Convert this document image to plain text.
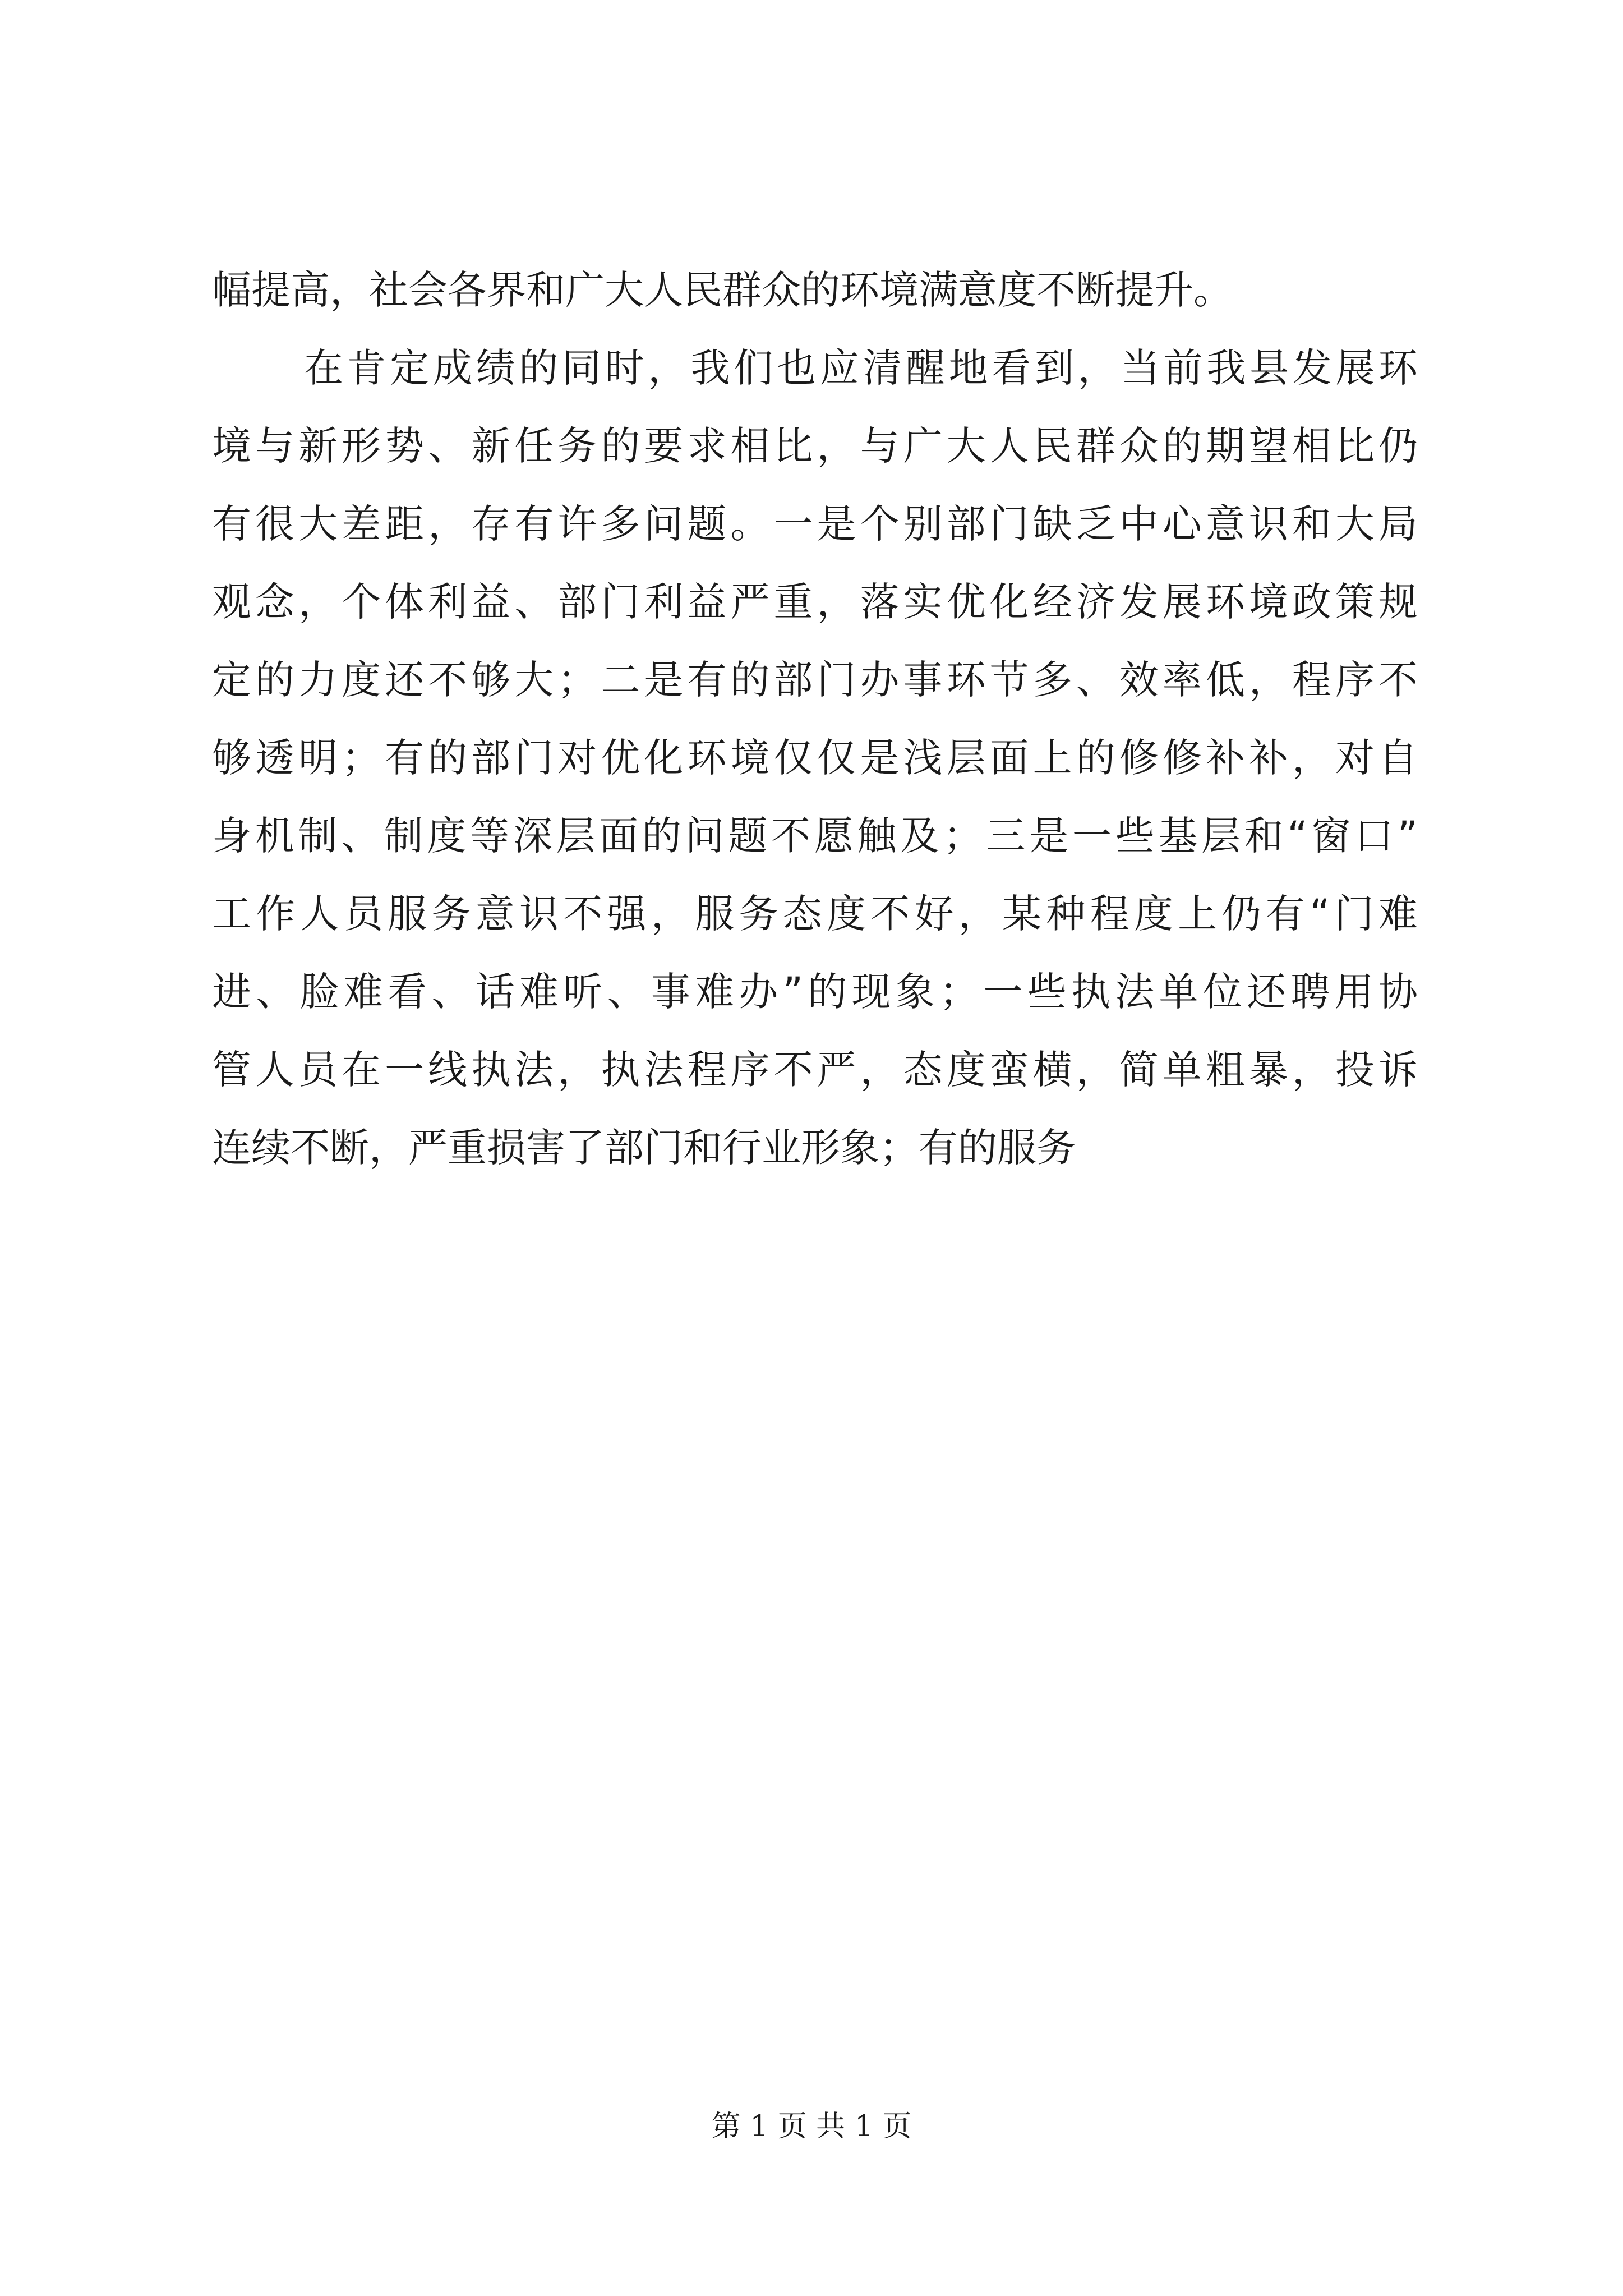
幅提高，社会各界和广大人民群众的环境满意度不断提升。
在肯定成绩的同时，我们也应清醒地看到，当前我县发展环
境与新形势、新任务的要求相比，与广大人民群众的期望相比仍
有很大差距，存有许多问题。一是个别部门缺乏中心意识和大局
观念，个体利益、部门利益严重，落实优化经济发展环境政策规
定的力度还不够大；二是有的部门办事环节多、效率低，程序不
够透明；有的部门对优化环境仅仅是浅层面上的修修补补，对自
身机制、制度等深层面的问题不愿触及；三是一些基层和“窗口”
工作人员服务意识不强，服务态度不好，某种程度上仍有“门难
进、脸难看、话难听、事难办”的现象；一些执法单位还聘用协
管人员在一线执法，执法程序不严，态度蛮横，简单粗暴，投诉
连续不断，严重损害了部门和行业形象；有的服务
第 1 页 共 1 页
